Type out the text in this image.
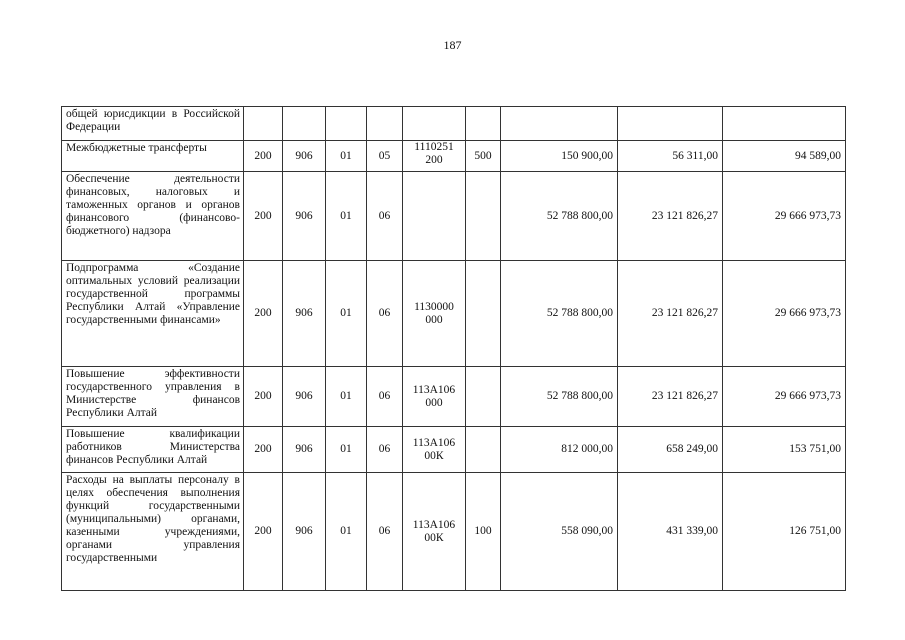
187
общей юрисдикции в Российской Федерации									
Межбюджетные трансферты	200	906	01	05	1110251 200	500	150 900,00	56 311,00	94 589,00
Обеспечение деятельности финансовых, налоговых и таможенных органов и органов финансового (финансово-бюджетного) надзора	200	906	01	06			52 788 800,00	23 121 826,27	29 666 973,73
Подпрограмма «Создание оптимальных условий реализации государственной программы Республики Алтай «Управление государственными финансами»	200	906	01	06	1130000 000		52 788 800,00	23 121 826,27	29 666 973,73
Повышение эффективности государственного управления в Министерстве финансов Республики Алтай	200	906	01	06	113А106 000		52 788 800,00	23 121 826,27	29 666 973,73
Повышение квалификации работников Министерства финансов Республики Алтай	200	906	01	06	113А106 00К		812 000,00	658 249,00	153 751,00
Расходы на выплаты персоналу в целях обеспечения выполнения функций государственными (муниципальными) органами, казенными учреждениями, органами управления государственными	200	906	01	06	113А106 00К	100	558 090,00	431 339,00	126 751,00
